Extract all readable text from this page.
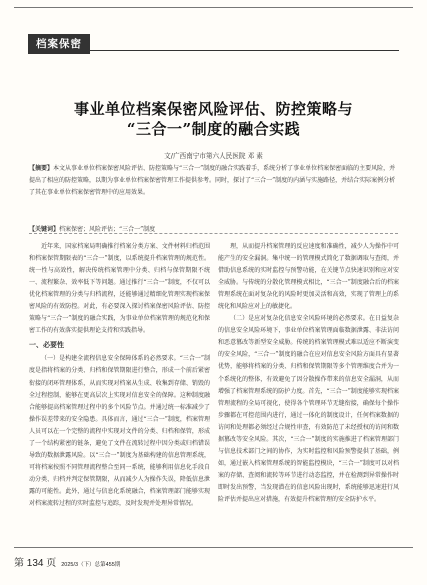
档案保密
事业单位档案保密风险评估、防控策略与
“三合一”制度的融合实践
文/广西南宁市第六人民医院 邓 素
【摘要】本文从事业单位档案保密风险评估、防控策略与“三合一”制度的融合实践着手，系统分析了事业单位档案保密面临的主要风险，并提出了相应的防控策略，以期为事业单位档案保密管理工作提供参考。同时，探讨了“三合一”制度的内涵与实施路径，并结合实际案例分析了其在事业单位档案保密管理中的应用效果。
【关键词】档案保密；风险评估；“三合一”制度

近年来，国家档案局明确推行档案分类方案、文件材料归档范围和档案保管期限表的“三合一”制度，以系统提升档案管理的规范性。统一性与高效性，解决传统档案管理中分类、归档与保管期限不统一、流程繁杂、效率低下等问题。通过推行“三合一”制度，不仅可以优化档案管理的分类与归档流程，还能够通过精细化管理实现档案保密风险的有效防控。对此，有必要深入探讨档案保密风险评估、防控策略与“三合一”制度的融合实践，为事业单位档案管理的规范化和保密工作的有效落实提供理论支持和实践指导。

一、必要性

（一）是构建全流程信息安全保障体系的必然要求。“三合一”制度是指将档案的分类、归档和保管期限进行整合，形成一个前后紧密衔接的闭环管理体系，从而实现对档案从生成、收集到存储、销毁的全过程控制，能够在更高层次上实现对信息安全的保障。这种制度融合能够提高档案管理过程中的多个风险节点。并通过统一标准减少了操作误差带来的安全隐患。具体而言，通过“三合一”制度，档案管理人员可以在一个完整的流程中实现对文件的分类、归档和保管，形成了一个结构紧密的链条，避免了文件在流转过程中因分类或归档错误导致的数据泄露风险。以“三合一”制度为基础构建的信息管理系统，可将档案按照不同管理流程整合至同一系统，能够利用信息化手段自动分类、归档并判定保管期限，从而减少人为操作失误，降低信息泄露的可能性。此外，通过与信息化系统融合，档案管理部门能够实现对档案流转过程的实时监控与追踪，及时发现并处理异常情况。

理，从而提升档案管理的反应速度和准确性，减少人为操作中可能产生的安全漏洞。集中统一的管理模式简化了数据调取与查阅，并借助信息系统的实时监控与预警功能，在关键节点快速识别和应对安全威胁。与传统的分散化管理模式相比，“三合一”制度融合后的档案管理系统在面对复杂化的风险时更加灵活和高效，实现了管理上的系统化和风险应对上的敏捷化。

（二）是应对复杂化信息安全风险环境的必然要求。在日益复杂的信息安全风险环境下，事业单位档案管理面临数据泄露、非法访问和恶意篡改等新型安全威胁。传统的档案管理模式难以适应不断演变的安全风险，“三合一”制度的融合在应对信息安全风险方面具有显著优势，能够将档案的分类、归档和保管期限等多个管理维度合并为一个系统化的整体，有效避免了因分散操作带来的信息安全漏洞，从而增强了档案管理系统的防护力度。首先，“三合一”制度能够实现档案管理流程的全局可视化，使得各个管理环节无缝衔接，确保每个操作步骤都在可控范围内进行，通过一体化的制度设计，任何档案数据的访问和处理都必须经过合规性审查，有效防范了未经授权的访问和数据篡改等安全风险。其次，“三合一”制度的实施推进了档案管理部门与信息技术部门之间的协作，为实时监控和风险预警提供了基础，例如，通过嵌入档案管理系统的智能监控模块，“三合一”制度可以对档案的存储、查阅和流转等环节进行动态监控，并在检测到异常操作时即时发出预警，当发现潜在的信息风险出现时，系统能够迅速进行风险评估并提出应对措施，有效提升档案管理的安全防护水平。

第 134 页 2025/3（下）总第455期
